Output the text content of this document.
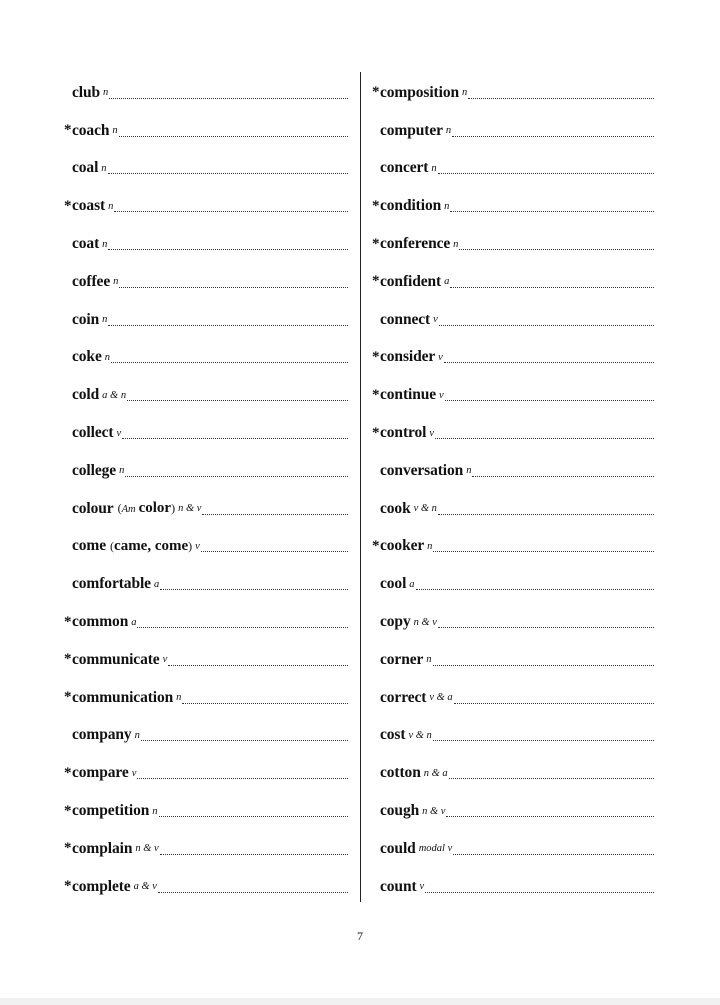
club n
* coach n
coal n
* coast n
coat n
coffee n
coin n
coke n
cold a & n
collect v
college n
colour (Am color) n & v
come (came, come) v
comfortable a
* common a
* communicate v
* communication n
company n
* compare v
* competition n
* complain n & v
* complete a & v
* composition n
computer n
concert n
* condition n
* conference n
* confident a
connect v
* consider v
* continue v
* control v
conversation n
cook v & n
* cooker n
cool a
copy n & v
corner n
correct v & a
cost v & n
cotton n & a
cough n & v
could modal v
count v
7
